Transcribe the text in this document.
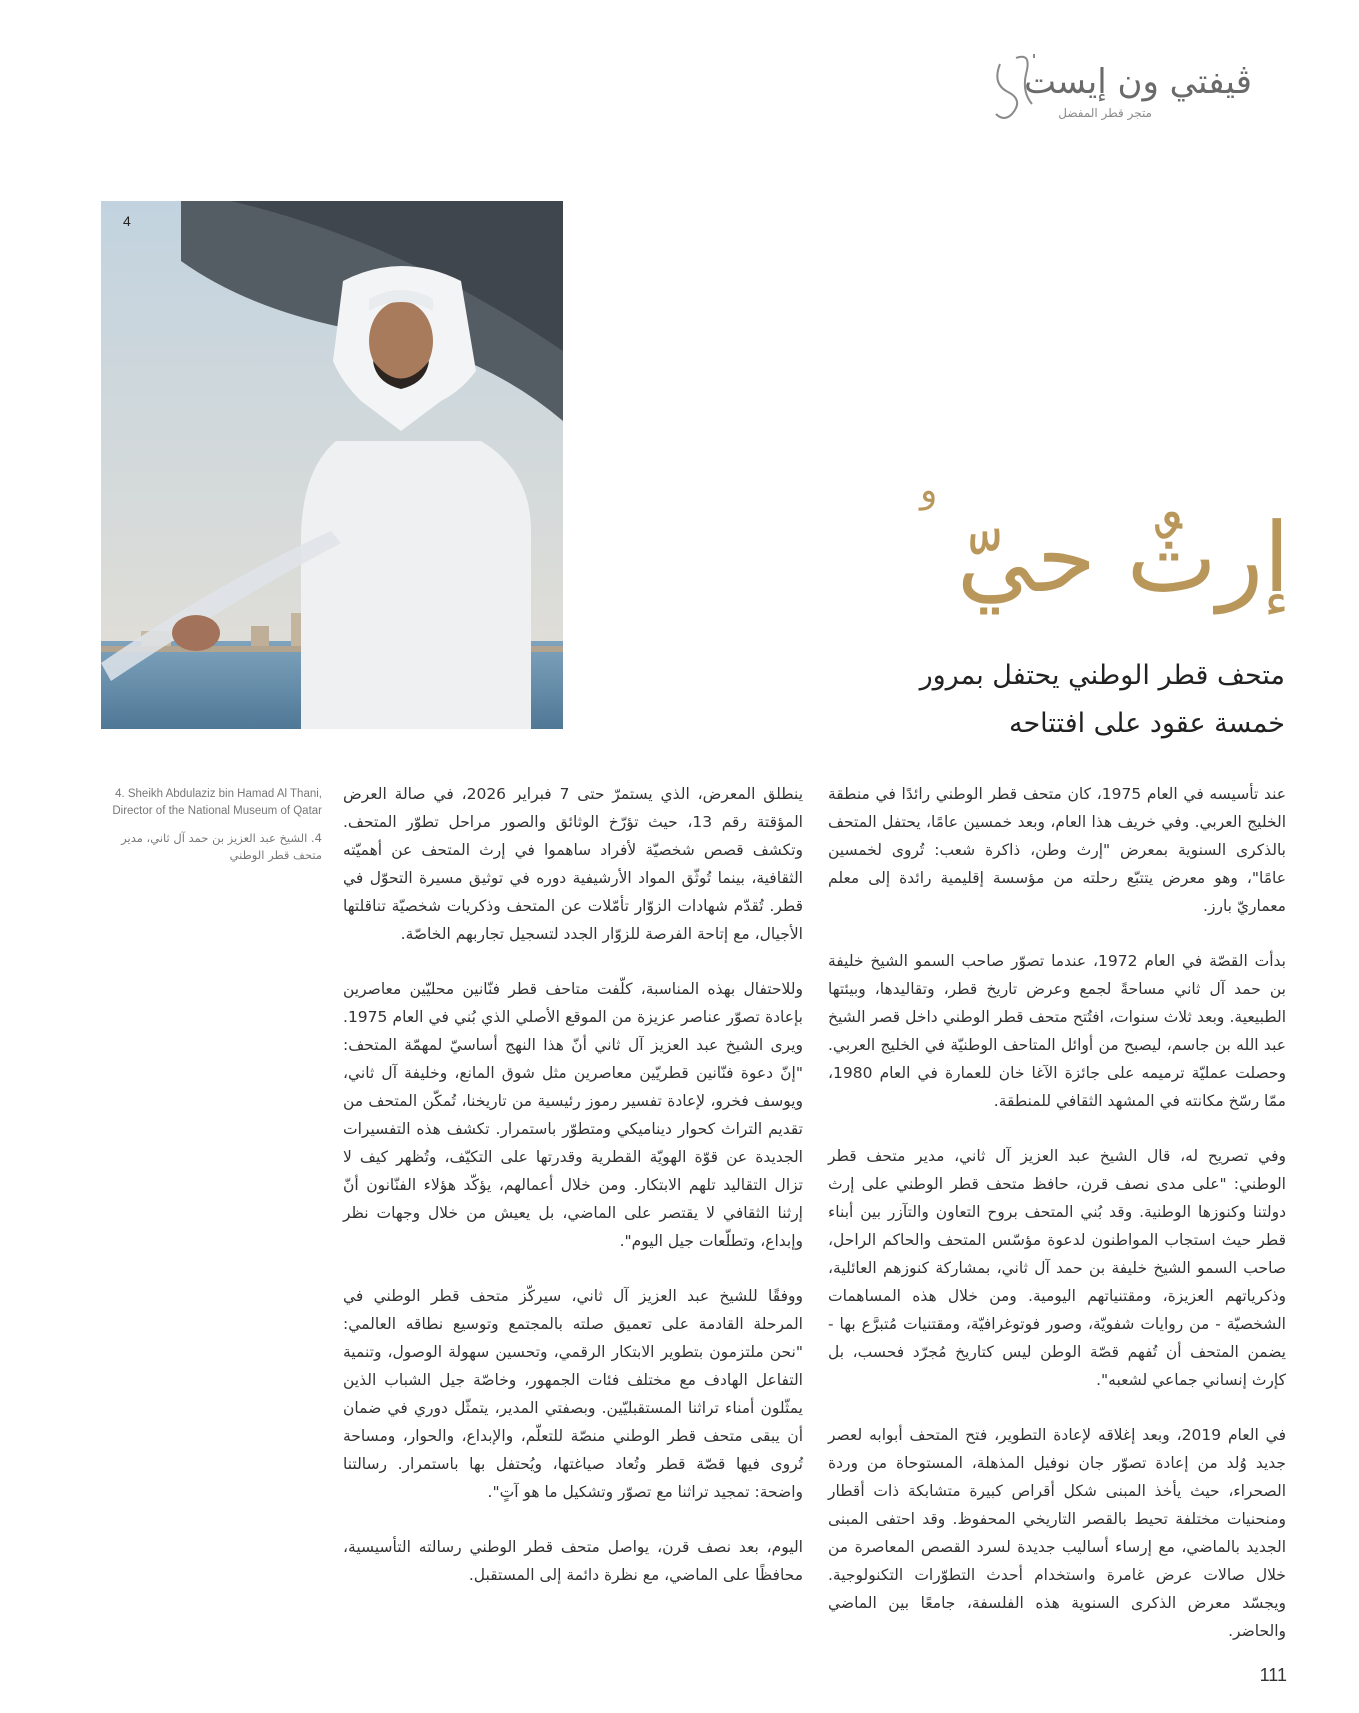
ڤيفتي ون إيست
متجر قطر المفضل
4
و
إرثٌ حيّ
متحف قطر الوطني يحتفل بمرور خمسة عقود على افتتاحه

عند تأسيسه في العام 1975، كان متحف قطر الوطني رائدًا في منطقة الخليج العربي. وفي خريف هذا العام، وبعد خمسين عامًا، يحتفل المتحف بالذكرى السنوية بمعرض "إرث وطن، ذاكرة شعب: تُروى لخمسين عامًا"، وهو معرض يتتبّع رحلته من مؤسسة إقليمية رائدة إلى معلم معماريّ بارز.

بدأت القصّة في العام 1972، عندما تصوّر صاحب السمو الشيخ خليفة بن حمد آل ثاني مساحةً لجمع وعرض تاريخ قطر، وتقاليدها، وبيئتها الطبيعية. وبعد ثلاث سنوات، افتُتح متحف قطر الوطني داخل قصر الشيخ عبد الله بن جاسم، ليصبح من أوائل المتاحف الوطنيّة في الخليج العربي. وحصلت عمليّة ترميمه على جائزة الآغا خان للعمارة في العام 1980، ممّا رسّخ مكانته في المشهد الثقافي للمنطقة.

وفي تصريح له، قال الشيخ عبد العزيز آل ثاني، مدير متحف قطر الوطني: "على مدى نصف قرن، حافظ متحف قطر الوطني على إرث دولتنا وكنوزها الوطنية. وقد بُني المتحف بروح التعاون والتآزر بين أبناء قطر حيث استجاب المواطنون لدعوة مؤسّس المتحف والحاكم الراحل، صاحب السمو الشيخ خليفة بن حمد آل ثاني، بمشاركة كنوزهم العائلية، وذكرياتهم العزيزة، ومقتنياتهم اليومية. ومن خلال هذه المساهمات الشخصيّة - من روايات شفويّة، وصور فوتوغرافيّة، ومقتنيات مُتبرَّع بها - يضمن المتحف أن تُفهم قصّة الوطن ليس كتاريخ مُجرّد فحسب، بل كإرث إنساني جماعي لشعبه".

في العام 2019، وبعد إغلاقه لإعادة التطوير، فتح المتحف أبوابه لعصر جديد وُلد من إعادة تصوّر جان نوفيل المذهلة، المستوحاة من وردة الصحراء، حيث يأخذ المبنى شكل أقراص كبيرة متشابكة ذات أقطار ومنحنيات مختلفة تحيط بالقصر التاريخي المحفوظ. وقد احتفى المبنى الجديد بالماضي، مع إرساء أساليب جديدة لسرد القصص المعاصرة من خلال صالات عرض غامرة واستخدام أحدث التطوّرات التكنولوجية. ويجسّد معرض الذكرى السنوية هذه الفلسفة، جامعًا بين الماضي والحاضر.

ينطلق المعرض، الذي يستمرّ حتى 7 فبراير 2026، في صالة العرض المؤقتة رقم 13، حيث تؤرّخ الوثائق والصور مراحل تطوّر المتحف. وتكشف قصص شخصيّة لأفراد ساهموا في إرث المتحف عن أهميّته الثقافية، بينما تُوثّق المواد الأرشيفية دوره في توثيق مسيرة التحوّل في قطر. تُقدّم شهادات الزوّار تأمّلات عن المتحف وذكريات شخصيّة تناقلتها الأجيال، مع إتاحة الفرصة للزوّار الجدد لتسجيل تجاربهم الخاصّة.

وللاحتفال بهذه المناسبة، كلّفت متاحف قطر فنّانين محليّين معاصرين بإعادة تصوّر عناصر عزيزة من الموقع الأصلي الذي بُني في العام 1975. ويرى الشيخ عبد العزيز آل ثاني أنّ هذا النهج أساسيّ لمهمّة المتحف: "إنّ دعوة فنّانين قطريّين معاصرين مثل شوق المانع، وخليفة آل ثاني، ويوسف فخرو، لإعادة تفسير رموز رئيسية من تاريخنا، تُمكّن المتحف من تقديم التراث كحوار ديناميكي ومتطوّر باستمرار. تكشف هذه التفسيرات الجديدة عن قوّة الهويّة القطرية وقدرتها على التكيّف، وتُظهر كيف لا تزال التقاليد تلهم الابتكار. ومن خلال أعمالهم، يؤكّد هؤلاء الفنّانون أنّ إرثنا الثقافي لا يقتصر على الماضي، بل يعيش من خلال وجهات نظر وإبداع، وتطلّعات جيل اليوم".

ووفقًا للشيخ عبد العزيز آل ثاني، سيركّز متحف قطر الوطني في المرحلة القادمة على تعميق صلته بالمجتمع وتوسيع نطاقه العالمي: "نحن ملتزمون بتطوير الابتكار الرقمي، وتحسين سهولة الوصول، وتنمية التفاعل الهادف مع مختلف فئات الجمهور، وخاصّة جيل الشباب الذين يمثّلون أمناء تراثنا المستقبليّين. وبصفتي المدير، يتمثّل دوري في ضمان أن يبقى متحف قطر الوطني منصّة للتعلّم، والإبداع، والحوار، ومساحة تُروى فيها قصّة قطر وتُعاد صياغتها، ويُحتفل بها باستمرار. رسالتنا واضحة: تمجيد تراثنا مع تصوّر وتشكيل ما هو آتٍ".

اليوم، بعد نصف قرن، يواصل متحف قطر الوطني رسالته التأسيسية، محافظًا على الماضي، مع نظرة دائمة إلى المستقبل.

4. Sheikh Abdulaziz bin Hamad Al Thani, Director of the National Museum of Qatar
4. الشيخ عبد العزيز بن حمد آل ثاني، مدير متحف قطر الوطني
111
